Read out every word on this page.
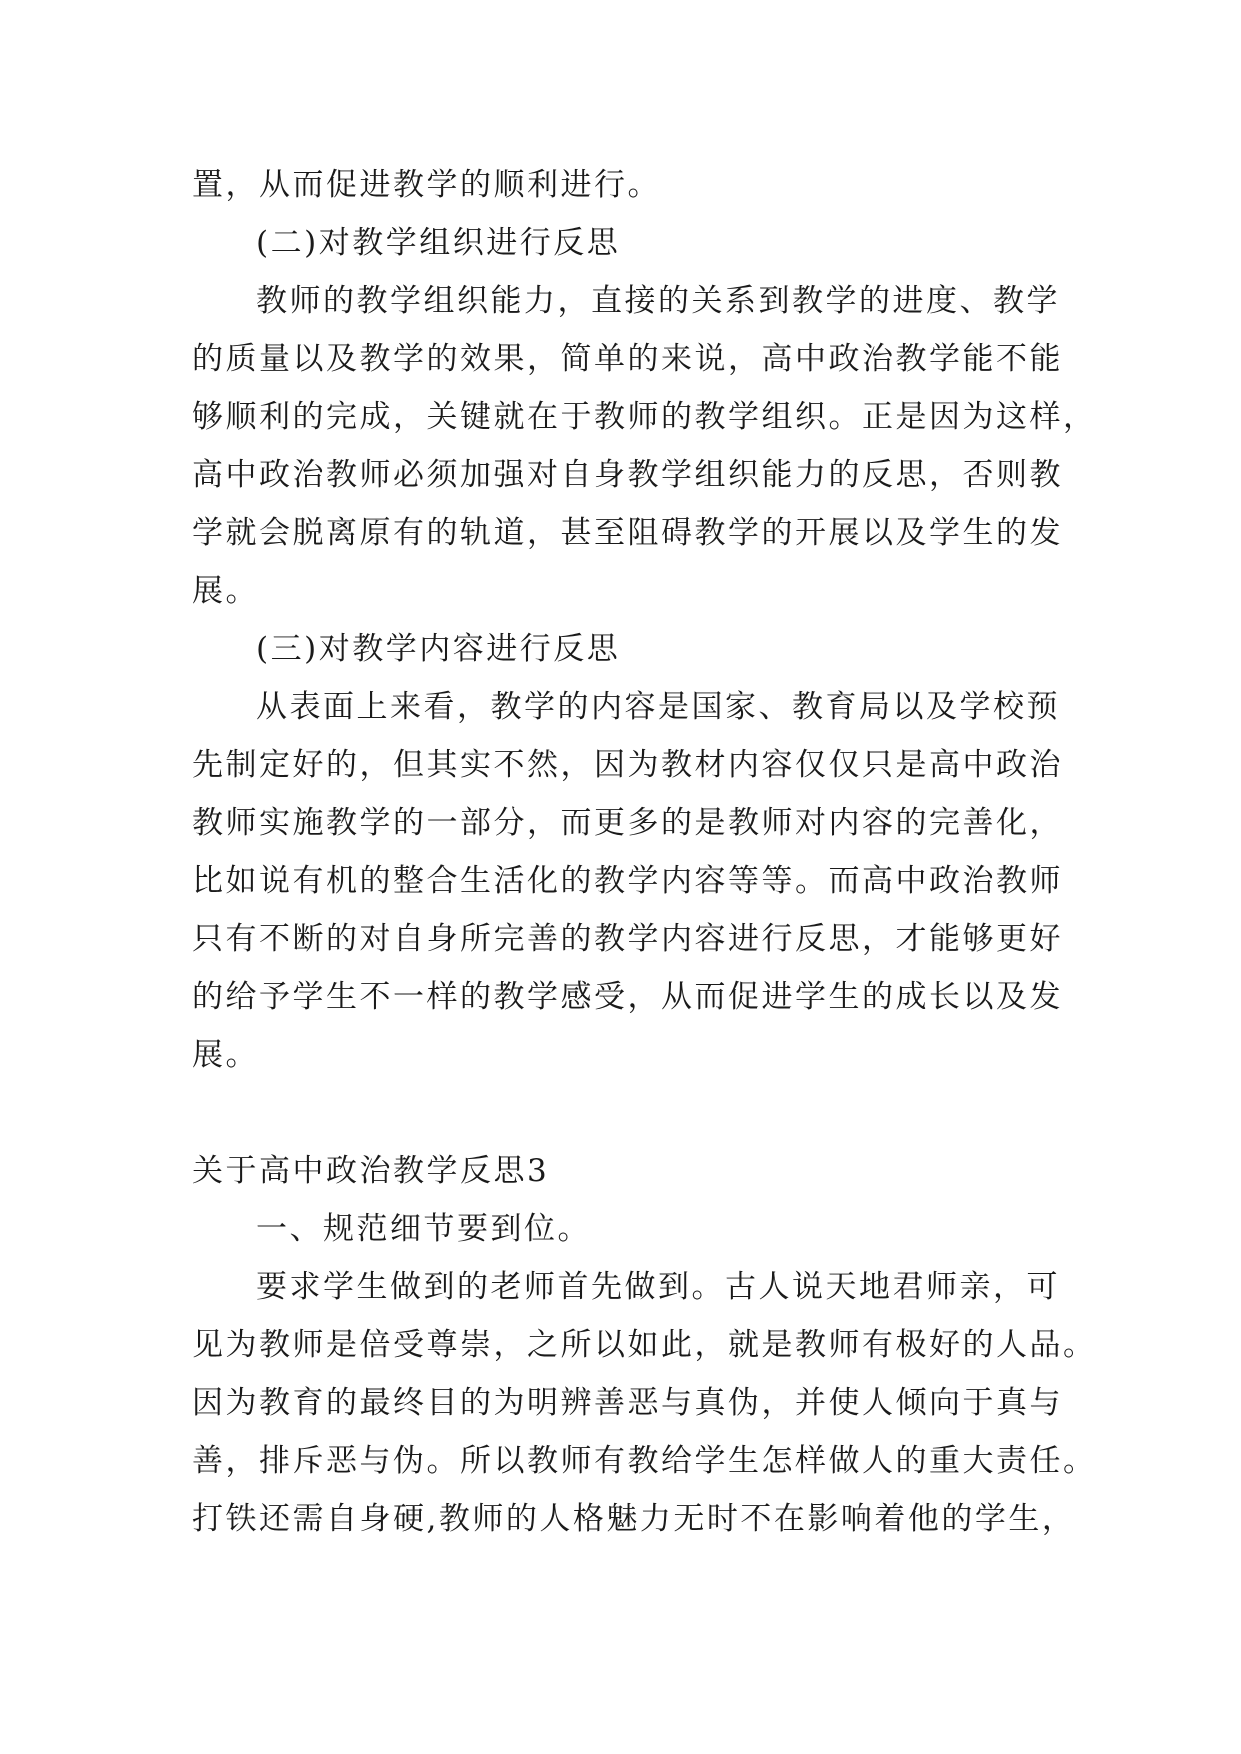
置，从而促进教学的顺利进行。
(二)对教学组织进行反思
教师的教学组织能力，直接的关系到教学的进度、教学
的质量以及教学的效果，简单的来说，高中政治教学能不能
够顺利的完成，关键就在于教师的教学组织。正是因为这样，
高中政治教师必须加强对自身教学组织能力的反思，否则教
学就会脱离原有的轨道，甚至阻碍教学的开展以及学生的发
展。
(三)对教学内容进行反思
从表面上来看，教学的内容是国家、教育局以及学校预
先制定好的，但其实不然，因为教材内容仅仅只是高中政治
教师实施教学的一部分，而更多的是教师对内容的完善化，
比如说有机的整合生活化的教学内容等等。而高中政治教师
只有不断的对自身所完善的教学内容进行反思，才能够更好
的给予学生不一样的教学感受，从而促进学生的成长以及发
展。
关于高中政治教学反思3
一、规范细节要到位。
要求学生做到的老师首先做到。古人说天地君师亲，可
见为教师是倍受尊崇，之所以如此，就是教师有极好的人品。
因为教育的最终目的为明辨善恶与真伪，并使人倾向于真与
善，排斥恶与伪。所以教师有教给学生怎样做人的重大责任。
打铁还需自身硬,教师的人格魅力无时不在影响着他的学生，
